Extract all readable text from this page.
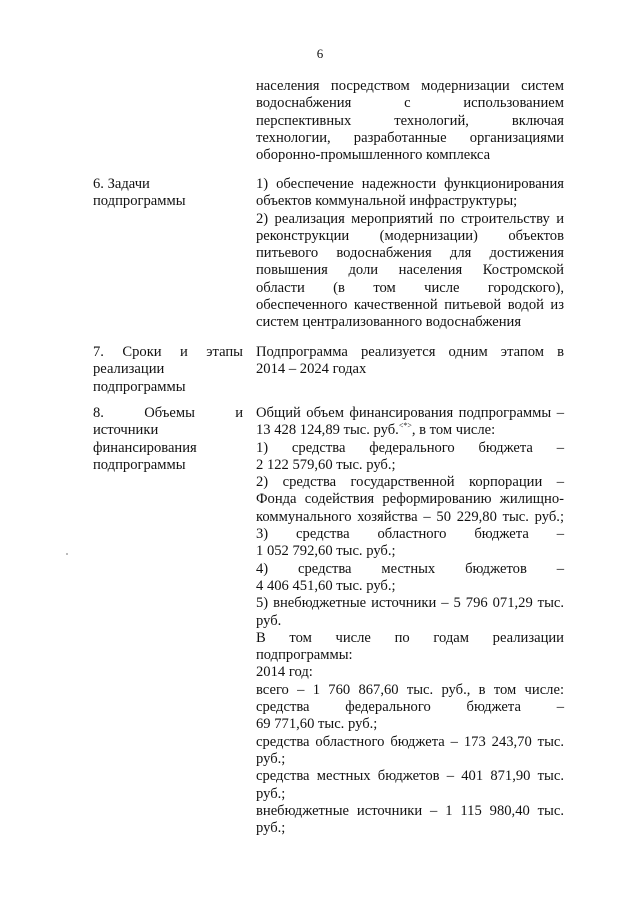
6
населения посредством модернизации систем
водоснабжения с использованием
перспективных технологий, включая
технологии, разработанные организациями
оборонно-промышленного комплекса
6. Задачи
подпрограммы
1) обеспечение надежности функционирования
объектов коммунальной инфраструктуры;
2) реализация мероприятий по строительству и
реконструкции (модернизации) объектов
питьевого водоснабжения для достижения
повышения доли населения Костромской
области (в том числе городского),
обеспеченного качественной питьевой водой из
систем централизованного водоснабжения
7. Сроки и этапы
реализации
подпрограммы
Подпрограмма реализуется одним этапом в
2014 – 2024 годах
8. Объемы и
источники
финансирования
подпрограммы
Общий объем финансирования подпрограммы –
13 428 124,89 тыс. руб.<*>, в том числе:
1) средства федерального бюджета –
2 122 579,60 тыс. руб.;
2) средства государственной корпорации –
Фонда содействия реформированию жилищно-
коммунального хозяйства – 50 229,80 тыс. руб.;
3) средства областного бюджета –
1 052 792,60 тыс. руб.;
4) средства местных бюджетов –
4 406 451,60 тыс. руб.;
5) внебюджетные источники – 5 796 071,29 тыс.
руб.
В том числе по годам реализации
подпрограммы:
2014 год:
всего – 1 760 867,60 тыс. руб., в том числе:
средства федерального бюджета –
69 771,60 тыс. руб.;
средства областного бюджета – 173 243,70 тыс.
руб.;
средства местных бюджетов – 401 871,90 тыс.
руб.;
внебюджетные источники – 1 115 980,40 тыс.
руб.;
